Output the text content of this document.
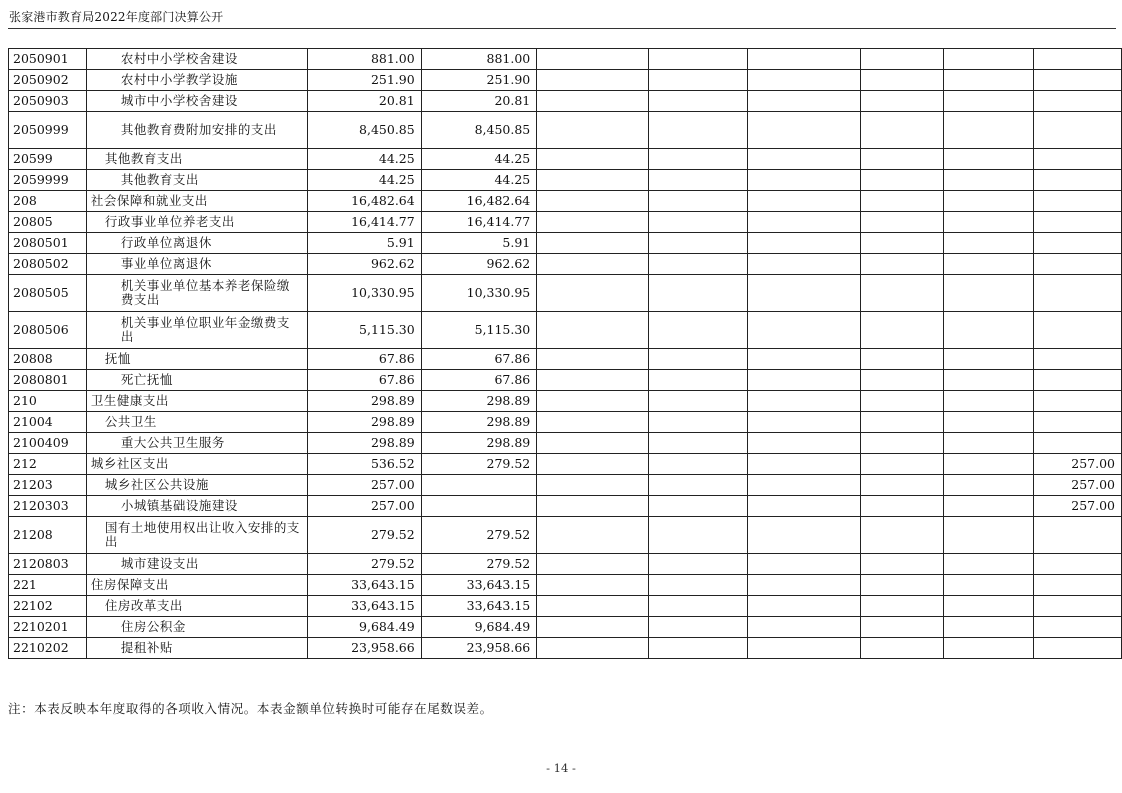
张家港市教育局2022年度部门决算公开
2050901	农村中小学校舍建设	881.00	881.00						
2050902	农村中小学教学设施	251.90	251.90						
2050903	城市中小学校舍建设	20.81	20.81						
2050999	其他教育费附加安排的支出	8,450.85	8,450.85						
20599	其他教育支出	44.25	44.25						
2059999	其他教育支出	44.25	44.25						
208	社会保障和就业支出	16,482.64	16,482.64						
20805	行政事业单位养老支出	16,414.77	16,414.77						
2080501	行政单位离退休	5.91	5.91						
2080502	事业单位离退休	962.62	962.62						
2080505	机关事业单位基本养老保险缴费支出	10,330.95	10,330.95						
2080506	机关事业单位职业年金缴费支出	5,115.30	5,115.30						
20808	抚恤	67.86	67.86						
2080801	死亡抚恤	67.86	67.86						
210	卫生健康支出	298.89	298.89						
21004	公共卫生	298.89	298.89						
2100409	重大公共卫生服务	298.89	298.89						
212	城乡社区支出	536.52	279.52						257.00
21203	城乡社区公共设施	257.00							257.00
2120303	小城镇基础设施建设	257.00							257.00
21208	国有土地使用权出让收入安排的支出	279.52	279.52						
2120803	城市建设支出	279.52	279.52						
221	住房保障支出	33,643.15	33,643.15						
22102	住房改革支出	33,643.15	33,643.15						
2210201	住房公积金	9,684.49	9,684.49						
2210202	提租补贴	23,958.66	23,958.66						
注：本表反映本年度取得的各项收入情况。本表金额单位转换时可能存在尾数误差。
- 14 -
